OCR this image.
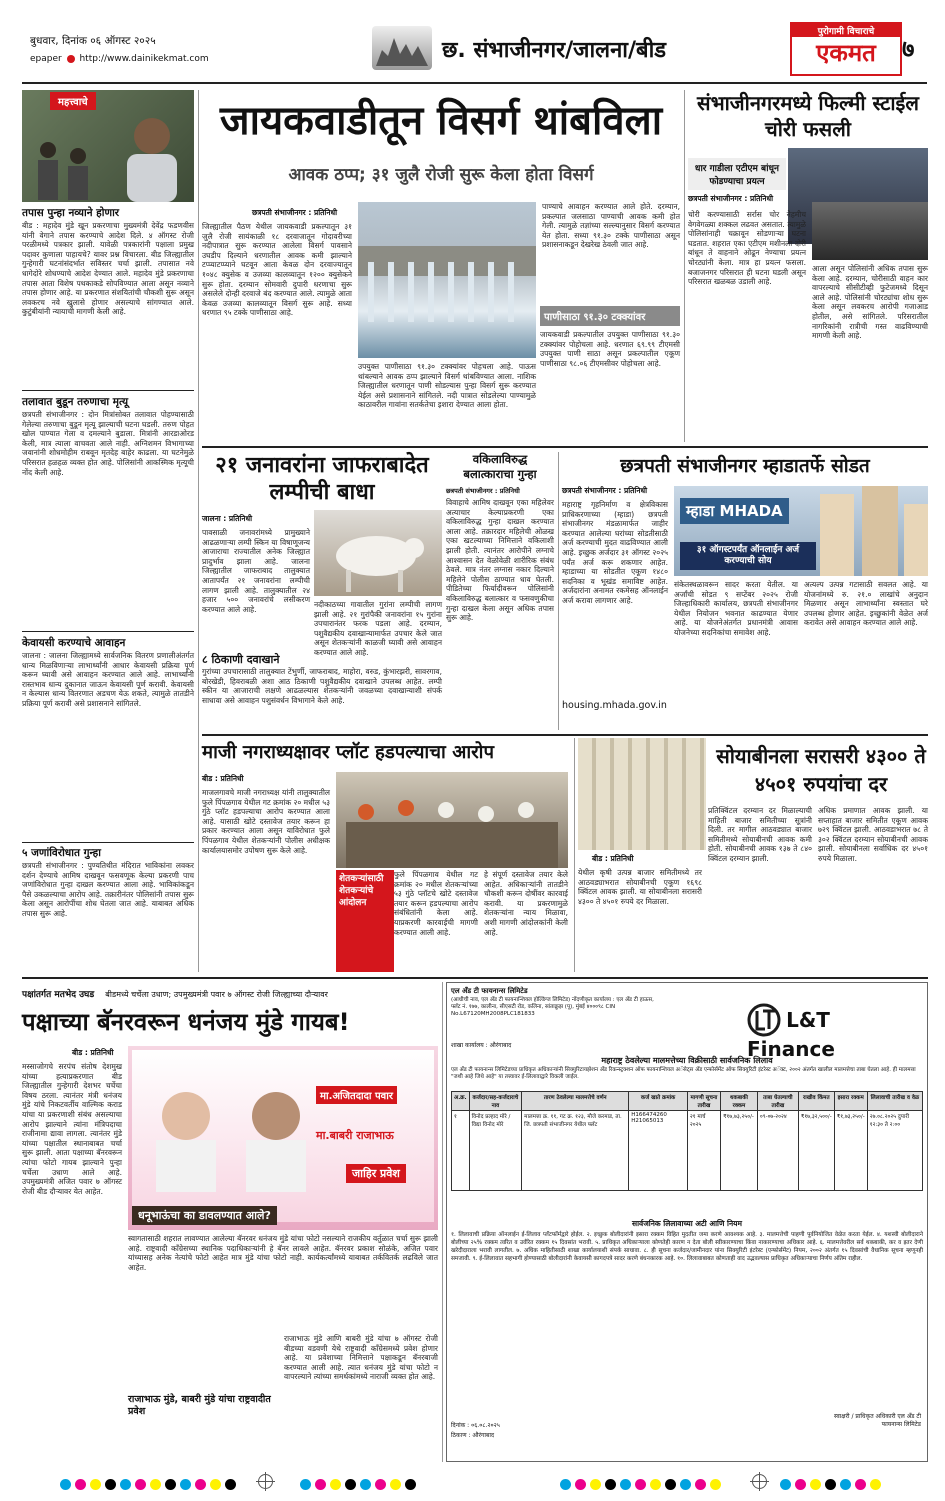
बुधवार, दिनांक ०६ ऑगस्ट २०२५
epaper http://www.dainikekmat.com	छ. संभाजीनगर/जालना/बीड
पुरोगामी विचाराचे
एकमत	७
महत्त्वाचे
तपास पुन्हा नव्याने होणार
बीड : महादेव मुंडे खून प्रकरणाचा मुख्यमंत्री देवेंद्र फडणवीस यांनी वेगाने तपास करण्याचे आदेश दिले. ४ ऑगस्ट रोजी परळीमध्ये पत्रकार झाली. यावेळी पत्रकारांनी पक्षाला प्रमुख पदावर कुणाला पाहायचे? यावर प्रश्न विचारला. बीड जिल्ह्यातील गुन्हेगारी घटनांसंदर्भात सविस्तर चर्चा झाली. तपासात नवे धागेदोरे शोधण्याचे आदेश देण्यात आले. महादेव मुंडे प्रकरणाचा तपास आता विशेष पथकाकडे सोपविण्यात आला असून नव्याने तपास होणार आहे. या प्रकरणात संशयितांची चौकशी सुरू असून लवकरच नवे खुलासे होणार असल्याचे सांगण्यात आले. कुटुंबीयांनी न्यायाची मागणी केली आहे.
तलावात बुडून तरुणाचा मृत्यू
छत्रपती संभाजीनगर : दोन मित्रांसोबत तलावात पोहण्यासाठी गेलेल्या तरुणाचा बुडून मृत्यू झाल्याची घटना घडली. तरुण पोहत खोल पाण्यात गेला व दमल्याने बुडाला. मित्रांनी आरडाओरड केली, मात्र त्याला वाचवता आले नाही. अग्निशमन विभागाच्या जवानांनी शोधमोहीम राबवून मृतदेह बाहेर काढला. या घटनेमुळे परिसरात हळहळ व्यक्त होत आहे. पोलिसांनी आकस्मिक मृत्यूची नोंद केली आहे.
केवायसी करण्याचे आवाहन
जालना : जालना जिल्ह्यामध्ये सार्वजनिक वितरण प्रणालीअंतर्गत धान्य मिळविणाऱ्या लाभार्थ्यांनी आधार केवायसी प्रक्रिया पूर्ण करून घ्यावी असे आवाहन करण्यात आले आहे. लाभार्थ्यांनी रास्तभाव धान्य दुकानात जाऊन केवायसी पूर्ण करावी. केवायसी न केल्यास धान्य वितरणात अडचण येऊ शकते, त्यामुळे तातडीने प्रक्रिया पूर्ण करावी असे प्रशासनाने सांगितले.
५ जणांविरोधात गुन्हा
छत्रपती संभाजीनगर : पुण्यतिथीत मंदिरात भाविकांना लवकर दर्शन देण्याचे आमिष दाखवून फसवणूक केल्या प्रकरणी पाच जणांविरोधात गुन्हा दाखल करण्यात आला आहे. भाविकांकडून पैसे उकळल्याचा आरोप आहे. तक्रारीनंतर पोलिसांनी तपास सुरू केला असून आरोपींचा शोध घेतला जात आहे. याबाबत अधिक तपास सुरू आहे.
जायकवाडीतून विसर्ग थांबविला
आवक ठप्प; ३१ जुलै रोजी सुरू केला होता विसर्ग
छत्रपती संभाजीनगर : प्रतिनिधी
जिल्ह्यातील पैठण येथील जायकवाडी प्रकल्पातून ३१ जुलै रोजी सायंकाळी १८ दरवाजातून गोदावरीच्या नदीपात्रात सुरू करण्यात आलेला विसर्ग पावसाने उघडीप दिल्याने धरणातील आवक कमी झाल्याने टप्प्याटप्प्याने घटवून आता केवळ दोन दरवाज्यातून १०४८ क्युसेक व उजव्या कालव्यातून १२०० क्युसेकने सुरू होता. दरम्यान सोमवारी दुपारी धरणाचा सुरू असलेले दोन्ही दरवाजे बंद करण्यात आले. त्यामुळे आता केवळ उजव्या कालव्यातून विसर्ग सुरू आहे. सध्या धरणात ९५ टक्के पाणीसाठा आहे.
उपयुक्त पाणीसाठा ९१.३० टक्क्यांवर पोहचला आहे. पाऊस थांबल्याने आवक ठप्प झाल्याने विसर्ग थांबविण्यात आला. नाशिक जिल्ह्यातील धरणातून पाणी सोडल्यास पुन्हा विसर्ग सुरू करण्यात येईल असे प्रशासनाने सांगितले. नदी पात्रात सोडलेल्या पाण्यामुळे काठावरील गावांना सतर्कतेचा इशारा देण्यात आला होता.
पाण्याचे आवाहन करण्यात आले होते. दरम्यान, प्रकल्पात जलसाठा पाण्याची आवक कमी होत गेली. त्यामुळे तज्ञांच्या सल्ल्यानुसार विसर्ग करण्यात येत होता. सध्या ९१.३० टक्के पाणीसाठा असून प्रशासनाकडून देखरेख ठेवली जात आहे.
पाणीसाठा ९१.३० टक्क्यांवर
जायकवाडी प्रकल्पातील उपयुक्त पाणीसाठा ९१.३० टक्क्यांवर पोहोचला आहे. धरणात ६९.९९ टीएमसी उपयुक्त पाणी साठा असून प्रकल्पातील एकूण पाणीसाठा ९८.०६ टीएमसीवर पोहोचला आहे.
संभाजीनगरमध्ये फिल्मी स्टाईल चोरी फसली
धार गाडीला एटीएम बांधून फोडण्याचा प्रयत्न
छत्रपती संभाजीनगर : प्रतिनिधी
चोरी करण्यासाठी सर्रास चोर नेहमीच वेगवेगळ्या शक्कल लढवत असतात. त्यामुळे पोलिसांनाही चक्रावून सोडणाऱ्या घटना घडतात. शहरात एका एटीएम मशीनला दोरी बांधून ते वाहनाने ओढून नेण्याचा प्रयत्न चोरट्यांनी केला. मात्र हा प्रयत्न फसला. बजाजनगर परिसरात ही घटना घडली असून परिसरात खळबळ उडाली आहे.
आला असून पोलिसांनी अधिक तपास सुरू केला आहे. दरम्यान, चोरीसाठी वाहन कार वापरल्याचे सीसीटीव्ही फुटेजमध्ये दिसून आले आहे. पोलिसांनी चोरट्यांचा शोध सुरू केला असून लवकरच आरोपी गजाआड होतील, असे सांगितले. परिसरातील नागरिकांनी रात्रीची गस्त वाढविण्याची मागणी केली आहे.
२१ जनावरांना जाफराबादेत लम्पीची बाधा
जालना : प्रतिनिधी
पावसाळी जनावरांमध्ये प्रामुख्याने आढळणाऱ्या लम्पी स्किन या विषाणूजन्य आजाराचा राज्यातील अनेक जिल्ह्यात प्रादुर्भाव झाला आहे. जालना जिल्ह्यातील जाफराबाद तालुक्यात आतापर्यंत २१ जनावरांना लम्पीची लागण झाली आहे. तालुक्यातील २४ हजार ५०० जनावरांचे लसीकरण करण्यात आले आहे.
नदीकाठच्या गावातील गुरांना लम्पीची लागण झाली आहे. २१ गुरांपैकी जनावरांना १५ गुरांना उपचारानंतर फरक पडला आहे. दरम्यान, पशुवैद्यकीय दवाखान्यामार्फत उपचार केले जात असून शेतकऱ्यांनी काळजी घ्यावी असे आवाहन करण्यात आले आहे.
८ ठिकाणी दवाखाने
गुरांच्या उपचारासाठी तालुक्यात टेंभुर्णी, जाफराबाद, माहोरा, वरुड, कुंभारझरी, सावरगाव, बोरखेडी, हिवराबळी अशा आठ ठिकाणी पशुवैद्यकीय दवाखाने उपलब्ध आहेत. लम्पी स्कीन या आजाराची लक्षणे आढळल्यास शेतकऱ्यांनी जवळच्या दवाखान्याशी संपर्क साधावा असे आवाहन पशुसंवर्धन विभागाने केले आहे.
वकिलाविरुद्ध बलात्काराचा गुन्हा
छत्रपती संभाजीनगर : प्रतिनिधी
विवाहाचे आमिष दाखवून एका महिलेवर अत्याचार केल्याप्रकरणी एका वकिलाविरुद्ध गुन्हा दाखल करण्यात आला आहे. तक्रारदार महिलेची ओळख एका खटल्याच्या निमित्ताने वकिलाशी झाली होती. त्यानंतर आरोपीने लग्नाचे आश्वासन देत वेळोवेळी शारीरिक संबंध ठेवले. मात्र नंतर लग्नास नकार दिल्याने महिलेने पोलीस ठाण्यात धाव घेतली. पीडितेच्या फिर्यादीवरून पोलिसांनी वकिलाविरुद्ध बलात्कार व फसवणुकीचा गुन्हा दाखल केला असून अधिक तपास सुरू आहे.
छत्रपती संभाजीनगर म्हाडातर्फे सोडत
छत्रपती संभाजीनगर : प्रतिनिधी
महाराष्ट्र गृहनिर्माण व क्षेत्रविकास प्राधिकरणाच्या (म्हाडा) छत्रपती संभाजीनगर मंडळामार्फत जाहीर करण्यात आलेल्या घरांच्या सोडतीसाठी अर्ज करण्याची मुदत वाढविण्यात आली आहे. इच्छुक अर्जदार ३१ ऑगस्ट २०२५ पर्यंत अर्ज करू शकणार आहेत. म्हाडाच्या या सोडतीत एकूण १४८० सदनिका व भूखंड समाविष्ट आहेत. अर्जदारांना अनामत रकमेसह ऑनलाईन अर्ज करावा लागणार आहे.
म्हाडा MHADA
३१ ऑगस्टपर्यंत ऑनलाईन अर्ज करण्याची सोय
संकेतस्थळावरून सादर करता येतील. या अर्जांची सोडत ९ सप्टेंबर २०२५ रोजी जिल्हाधिकारी कार्यालय, छत्रपती संभाजीनगर येथील नियोजन भवनात काढण्यात येणार आहे. या योजनेअंतर्गत प्रधानमंत्री आवास योजनेच्या सदनिकांचा समावेश आहे.
अत्यल्प उत्पन्न गटासाठी सवलत आहे. या योजनांमध्ये रु. २१.० लाखांचे अनुदान मिळणार असून लाभार्थ्यांना स्वस्तात घरे उपलब्ध होणार आहेत. इच्छुकांनी वेळेत अर्ज करावेत असे आवाहन करण्यात आले आहे.
housing.mhada.gov.in
माजी नगराध्यक्षावर प्लॉट हडपल्याचा आरोप
बीड : प्रतिनिधी
माजलगावचे माजी नगराध्यक्ष यांनी तालुक्यातील फुले पिंपळगाव येथील गट क्रमांक २० मधील ५३ गुंठे प्लॉट हडपल्याचा आरोप करण्यात आला आहे. यासाठी खोटे दस्तावेज तयार करून हा प्रकार करण्यात आला असून याविरोधात फुले पिंपळगाव येथील शेतकऱ्यांनी पोलीस अधीक्षक कार्यालयासमोर उपोषण सुरू केले आहे.
शेतकऱ्यांसाठी शेतकऱ्यांचे आंदोलन
फुले पिंपळगाव येथील गट क्रमांक २० मधील शेतकऱ्यांच्या ५३ गुंठे प्लॉटचे खोटे दस्तावेज तयार करून हडपल्याचा आरोप संबंधितांनी केला आहे. याप्रकरणी कारवाईची मागणी करण्यात आली आहे.
हे संपूर्ण दस्तावेज तयार केले आहेत. अधिकाऱ्यांनी तातडीने चौकशी करून दोषींवर कारवाई करावी. या प्रकरणामुळे शेतकऱ्यांना न्याय मिळावा, अशी मागणी आंदोलकांनी केली आहे.
सोयाबीनला सरासरी ४३०० ते ४५०१ रुपयांचा दर
बीड : प्रतिनिधी
येथील कृषी उत्पन्न बाजार समितीमध्ये तर आठवड्याभरात सोयाबीनची एकूण १६९८ क्विंटल आवक झाली. या सोयाबीनला सरासरी ४३०० ते ४५०१ रुपये दर मिळाला.
प्रतिक्विंटल दरम्यान दर मिळाल्याची माहिती बाजार समितीच्या सूत्रांनी दिली. तर मागील आठवड्यात बाजार समितीमध्ये सोयाबीनची आवक कमी होती. सोयाबीनची आवक १३७ ते ८४० क्विंटल दरम्यान झाली.
अधिक प्रमाणात आवक झाली. या सप्ताहात बाजार समितीत एकूण आवक ७२९ क्विंटल झाली. आठवडाभरात ७८ ते ३०२ क्विंटल दरम्यान सोयाबीनची आवक झाली. सोयाबीनला सर्वाधिक दर ४५०१ रुपये मिळाला.
पक्षांतर्गत मतभेद उघड बीडमध्ये चर्चेला उधाण; उपमुख्यमंत्री पवार ७ ऑगस्ट रोजी जिल्ह्याच्या दौऱ्यावर
पक्षाच्या बॅनरवरून धनंजय मुंडे गायब!
बीड : प्रतिनिधी
मस्साजोगचे सरपंच संतोष देशमुख यांच्या हत्याप्रकरणात बीड जिल्ह्यातील गुन्हेगारी देशभर चर्चेचा विषय ठरला. त्यानंतर मंत्री धनंजय मुंडे यांचे निकटवर्तीय वाल्मिक कराड यांचा या प्रकरणाशी संबंध असल्याचा आरोप झाल्याने त्यांना मंत्रिपदाचा राजीनामा द्यावा लागला. त्यानंतर मुंडे यांच्या पक्षातील स्थानाबाबत चर्चा सुरू झाली. आता पक्षाच्या बॅनरवरून त्यांचा फोटो गायब झाल्याने पुन्हा चर्चेला उधाण आले आहे. उपमुख्यमंत्री अजित पवार ७ ऑगस्ट रोजी बीड दौऱ्यावर येत आहेत.
मा.अजितदादा पवार
मा.बाबरी राजाभाऊ
जाहिर प्रवेश
धनूभाऊंचा का डावलण्यात आले?
स्वागतासाठी शहरात लावण्यात आलेल्या बॅनरवर धनंजय मुंडे यांचा फोटो नसल्याने राजकीय वर्तुळात चर्चा सुरू झाली आहे. राष्ट्रवादी काँग्रेसच्या स्थानिक पदाधिकाऱ्यांनी हे बॅनर लावले आहेत. बॅनरवर प्रकाश सोळंके, अजित पवार यांच्यासह अनेक नेत्यांचे फोटो आहेत मात्र मुंडे यांचा फोटो नाही. कार्यकर्त्यांमध्ये याबाबत तर्कवितर्क लढविले जात आहेत.
राजाभाऊ मुंडे आणि बाबरी मुंडे यांचा ७ ऑगस्ट रोजी बीडच्या वडवणी येथे राष्ट्रवादी काँग्रेसमध्ये प्रवेश होणार आहे. या प्रवेशाच्या निमित्ताने पक्षाकडून बॅनरबाजी करण्यात आली आहे. त्यात धनंजय मुंडे यांचा फोटो न वापरल्याने त्यांच्या समर्थकांमध्ये नाराजी व्यक्त होत आहे.
राजाभाऊ मुंडे, बाबरी मुंडे यांचा राष्ट्रवादीत प्रवेश
एल अँड टी फायनान्स लिमिटेड
(आधीची नाव, एल अँड टी फायनान्शियल होल्डिंग्ज लिमिटेड) नोंदणीकृत कार्यालय : एल अँड टी हाऊस, फ्लॅट नं. १७७, कालीना, सीएसटी रोड, कलिना, सांताक्रुझ (पू), मुंबई ४०००९८ CIN No.L67120MH2008PLC181833
शाखा कार्यालय : औरंगाबाद
L&T Finance
महाराष्ट्र ठेवलेल्या मालमत्तेच्या विक्रीसाठी सार्वजनिक लिलाव
एल अँड टी फायनान्स लिमिटेडच्या प्राधिकृत अधिकाऱ्यांनी सिक्युरिटायझेशन अँड रिकन्स्ट्रक्शन ऑफ फायनान्शियल अॅसेट्स अँड एन्फोर्समेंट ऑफ सिक्युरिटी इंटरेस्ट अॅक्ट, २००२ अंतर्गत खालील मालमत्तेचा ताबा घेतला आहे. ही मालमत्ता "जशी आहे जिथे आहे" या तत्त्वावर ई-लिलावाद्वारे विकली जाईल.
अ.क्र.	कर्जदार/सह-कर्जदाराचे नाव	तारण ठेवलेल्या मालमत्तेचे वर्णन	कर्ज खाते क्रमांक	मागणी सूचना तारीख	थकबाकी रक्कम	ताबा घेतल्याची तारीख	राखीव किंमत	इसारा रक्कम	लिलावाची तारीख व वेळ
१	विनोद प्रल्हाद मोरे / विद्या विनोद मोरे	मालमत्ता क्र. ११, गट क्र. १२३, मौजे करमाड, ता. जि. छत्रपती संभाजीनगर येथील फ्लॅट	H166474260 H21065013	२१ मार्च २०२५	₹१७,७३,२५०/-	०९-०७-२०२४	₹१७,३२,५००/-	₹१,७३,२५०/-	२७.०८.२०२५ दुपारी १२:३० ते २:००
सार्वजनिक लिलावाच्या अटी आणि नियम
१. लिलावाची प्रक्रिया ऑनलाईन ई-लिलाव प्लॅटफॉर्मद्वारे होईल. २. इच्छुक बोलीदारांनी इसारा रक्कम विहित मुदतीत जमा करणे आवश्यक आहे. ३. मालमत्तेची पाहणी पूर्वनियोजित वेळेत करता येईल. ४. यशस्वी बोलीदाराने बोलीच्या २५% रक्कम त्वरित व उर्वरित रक्कम १५ दिवसांत भरावी. ५. प्राधिकृत अधिकाऱ्याला कोणतेही कारण न देता बोली स्वीकारण्याचा किंवा नाकारण्याचा अधिकार आहे. ६. मालमत्तेवरील सर्व थकबाकी, कर व इतर देणी खरेदीदाराला भरावी लागतील. ७. अधिक माहितीसाठी शाखा कार्यालयाशी संपर्क साधावा. ८. ही सूचना कर्जदार/जामीनदार यांना सिक्युरिटी इंटरेस्ट (एन्फोर्समेंट) नियम, २००२ अंतर्गत १५ दिवसांची वैधानिक सूचना म्हणूनही समजावी. ९. ई-लिलावात सहभागी होण्यासाठी बोलीदारांनी केवायसी कागदपत्रे सादर करणे बंधनकारक आहे. १०. लिलावाबाबत कोणताही वाद उद्भवल्यास प्राधिकृत अधिकाऱ्याचा निर्णय अंतिम राहील.
दिनांक : ०६.०८.२०२५
ठिकाण : औरंगाबाद
स्वाक्षरी / प्राधिकृत अधिकारी एल अँड टी फायनान्स लिमिटेड
